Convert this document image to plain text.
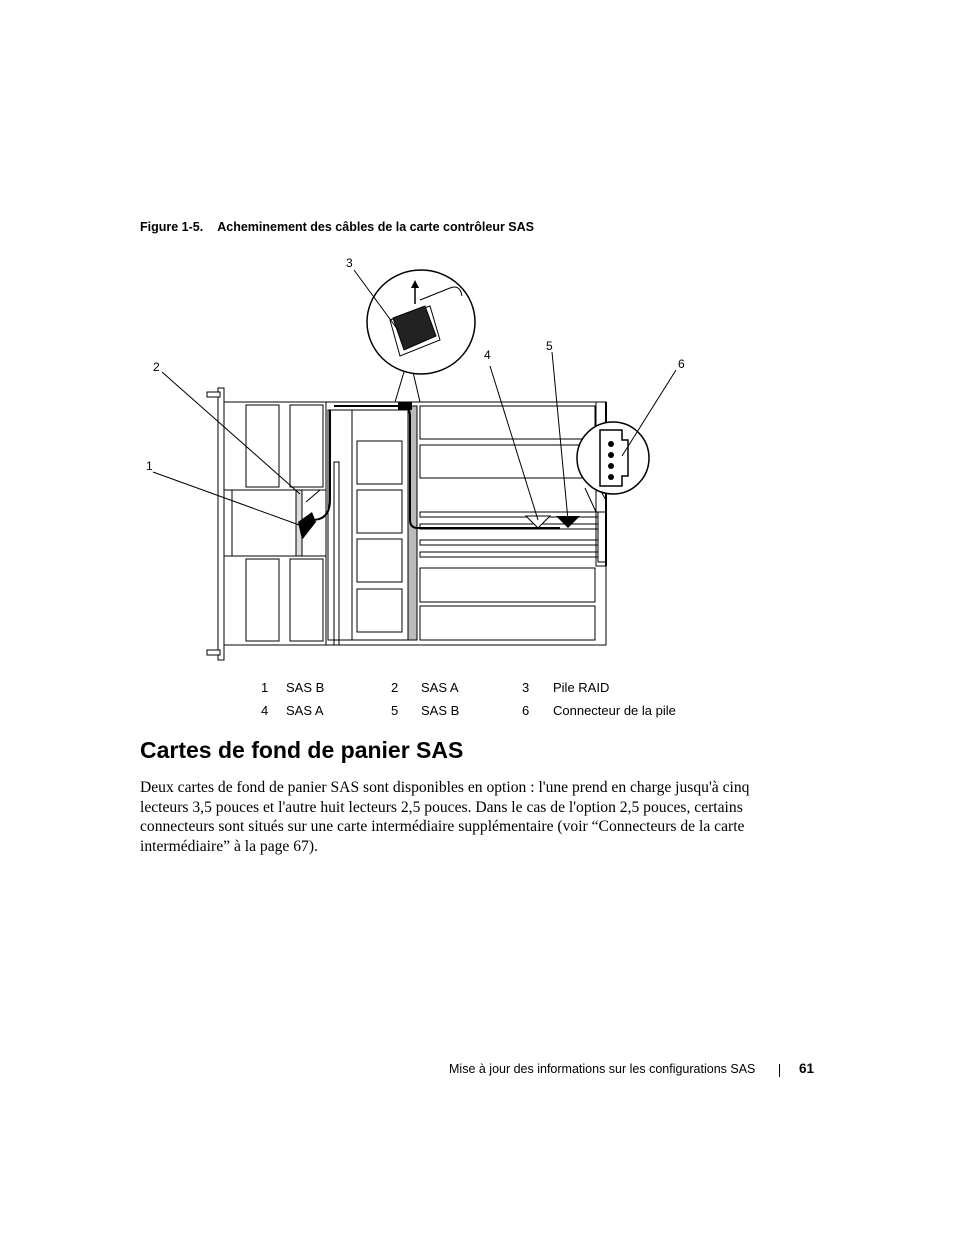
Figure 1-5. Acheminement des câbles de la carte contrôleur SAS
1
2
3
4
5
6
1 SAS B	2 SAS A	3 Pile RAID
4 SAS A	5 SAS B	6 Connecteur de la pile
Cartes de fond de panier SAS

Deux cartes de fond de panier SAS sont disponibles en option : l'une prend en charge jusqu'à cinq lecteurs 3,5 pouces et l'autre huit lecteurs 2,5 pouces. Dans le cas de l'option 2,5 pouces, certains connecteurs sont situés sur une carte intermédiaire supplémentaire (voir “Connecteurs de la carte intermédiaire” à la page 67).

Mise à jour des informations sur les configurations SAS	61
